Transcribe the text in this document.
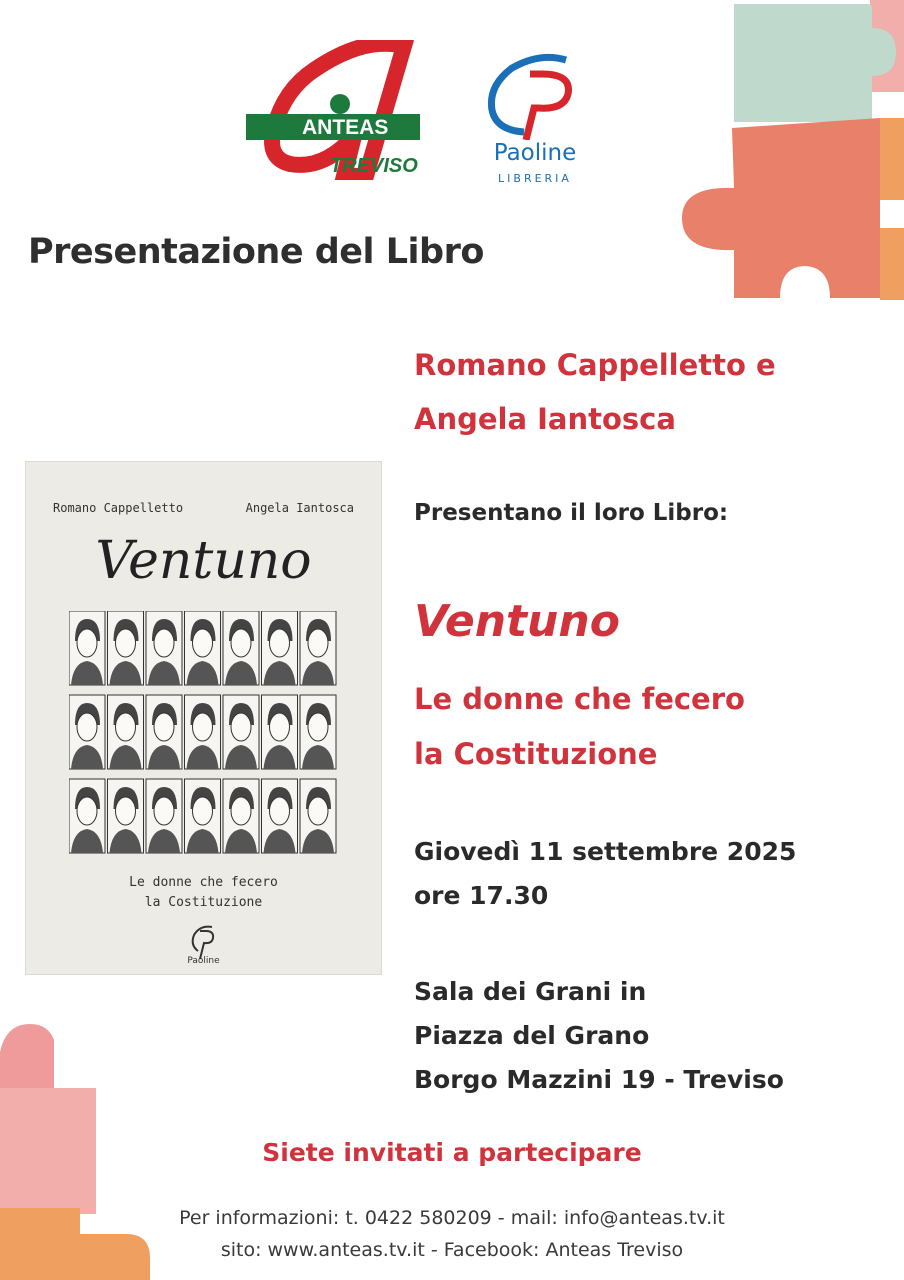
ANTEAS
TREVISO	Paoline
LIBRERIA
Presentazione del Libro
Romano Cappelletto	Angela Iantosca
Ventuno
Le donne che fecero
la Costituzione
Paoline
Romano Cappelletto e
Angela Iantosca
Presentano il loro Libro:
Ventuno
Le donne che fecero
la Costituzione
Giovedì 11 settembre 2025
ore 17.30
Sala dei Grani in
Piazza del Grano
Borgo Mazzini 19 - Treviso
Siete invitati a partecipare
Per informazioni: t. 0422 580209 - mail: info@anteas.tv.it
sito: www.anteas.tv.it - Facebook: Anteas Treviso
